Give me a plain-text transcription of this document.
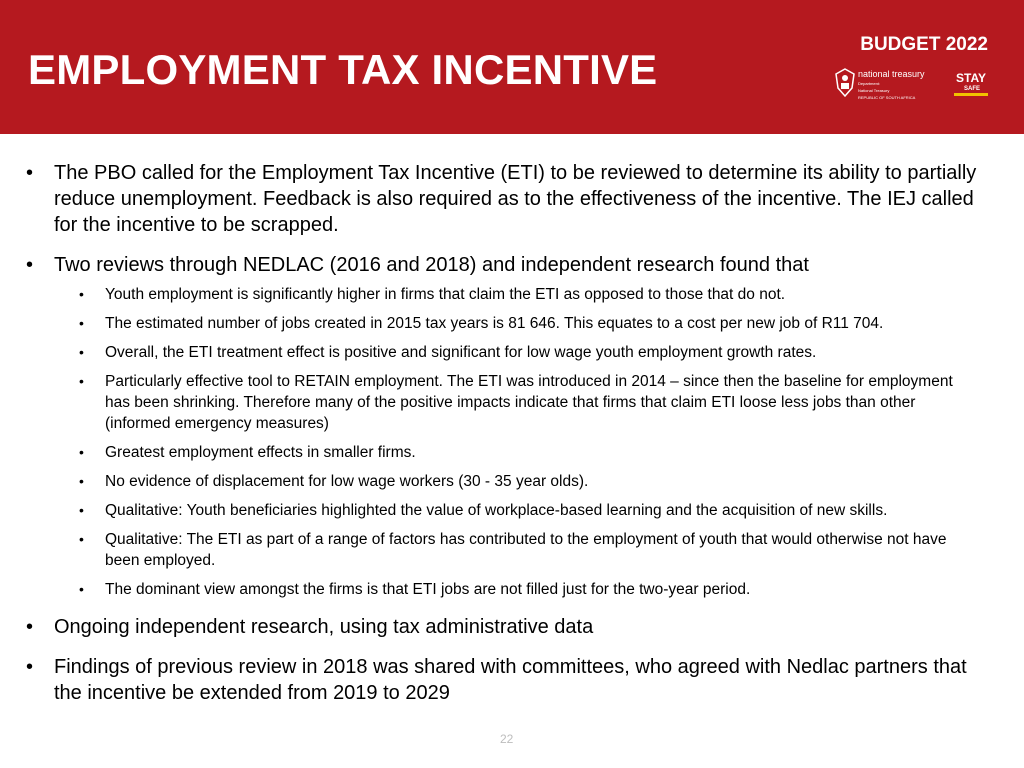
EMPLOYMENT TAX INCENTIVE
BUDGET 2022
national treasury
Department:
National Treasury
REPUBLIC OF SOUTH AFRICA
STAY
SAFE
• The PBO called for the Employment Tax Incentive (ETI) to be reviewed to determine its ability to partially reduce unemployment. Feedback is also required as to the effectiveness of the incentive. The IEJ called for the incentive to be scrapped.
• Two reviews through NEDLAC (2016 and 2018) and independent research found that
• Youth employment is significantly higher in firms that claim the ETI as opposed to those that do not.
• The estimated number of jobs created in 2015 tax years is 81 646. This equates to a cost per new job of R11 704.
• Overall, the ETI treatment effect is positive and significant for low wage youth employment growth rates.
• Particularly effective tool to RETAIN employment. The ETI was introduced in 2014 – since then the baseline for employment has been shrinking. Therefore many of the positive impacts indicate that firms that claim ETI loose less jobs than other (informed emergency measures)
• Greatest employment effects in smaller firms.
• No evidence of displacement for low wage workers (30 - 35 year olds).
• Qualitative: Youth beneficiaries highlighted the value of workplace-based learning and the acquisition of new skills.
• Qualitative: The ETI as part of a range of factors has contributed to the employment of youth that would otherwise not have been employed.
• The dominant view amongst the firms is that ETI jobs are not filled just for the two-year period.
• Ongoing independent research, using tax administrative data
• Findings of previous review in 2018 was shared with committees, who agreed with Nedlac partners that the incentive be extended from 2019 to 2029
22
